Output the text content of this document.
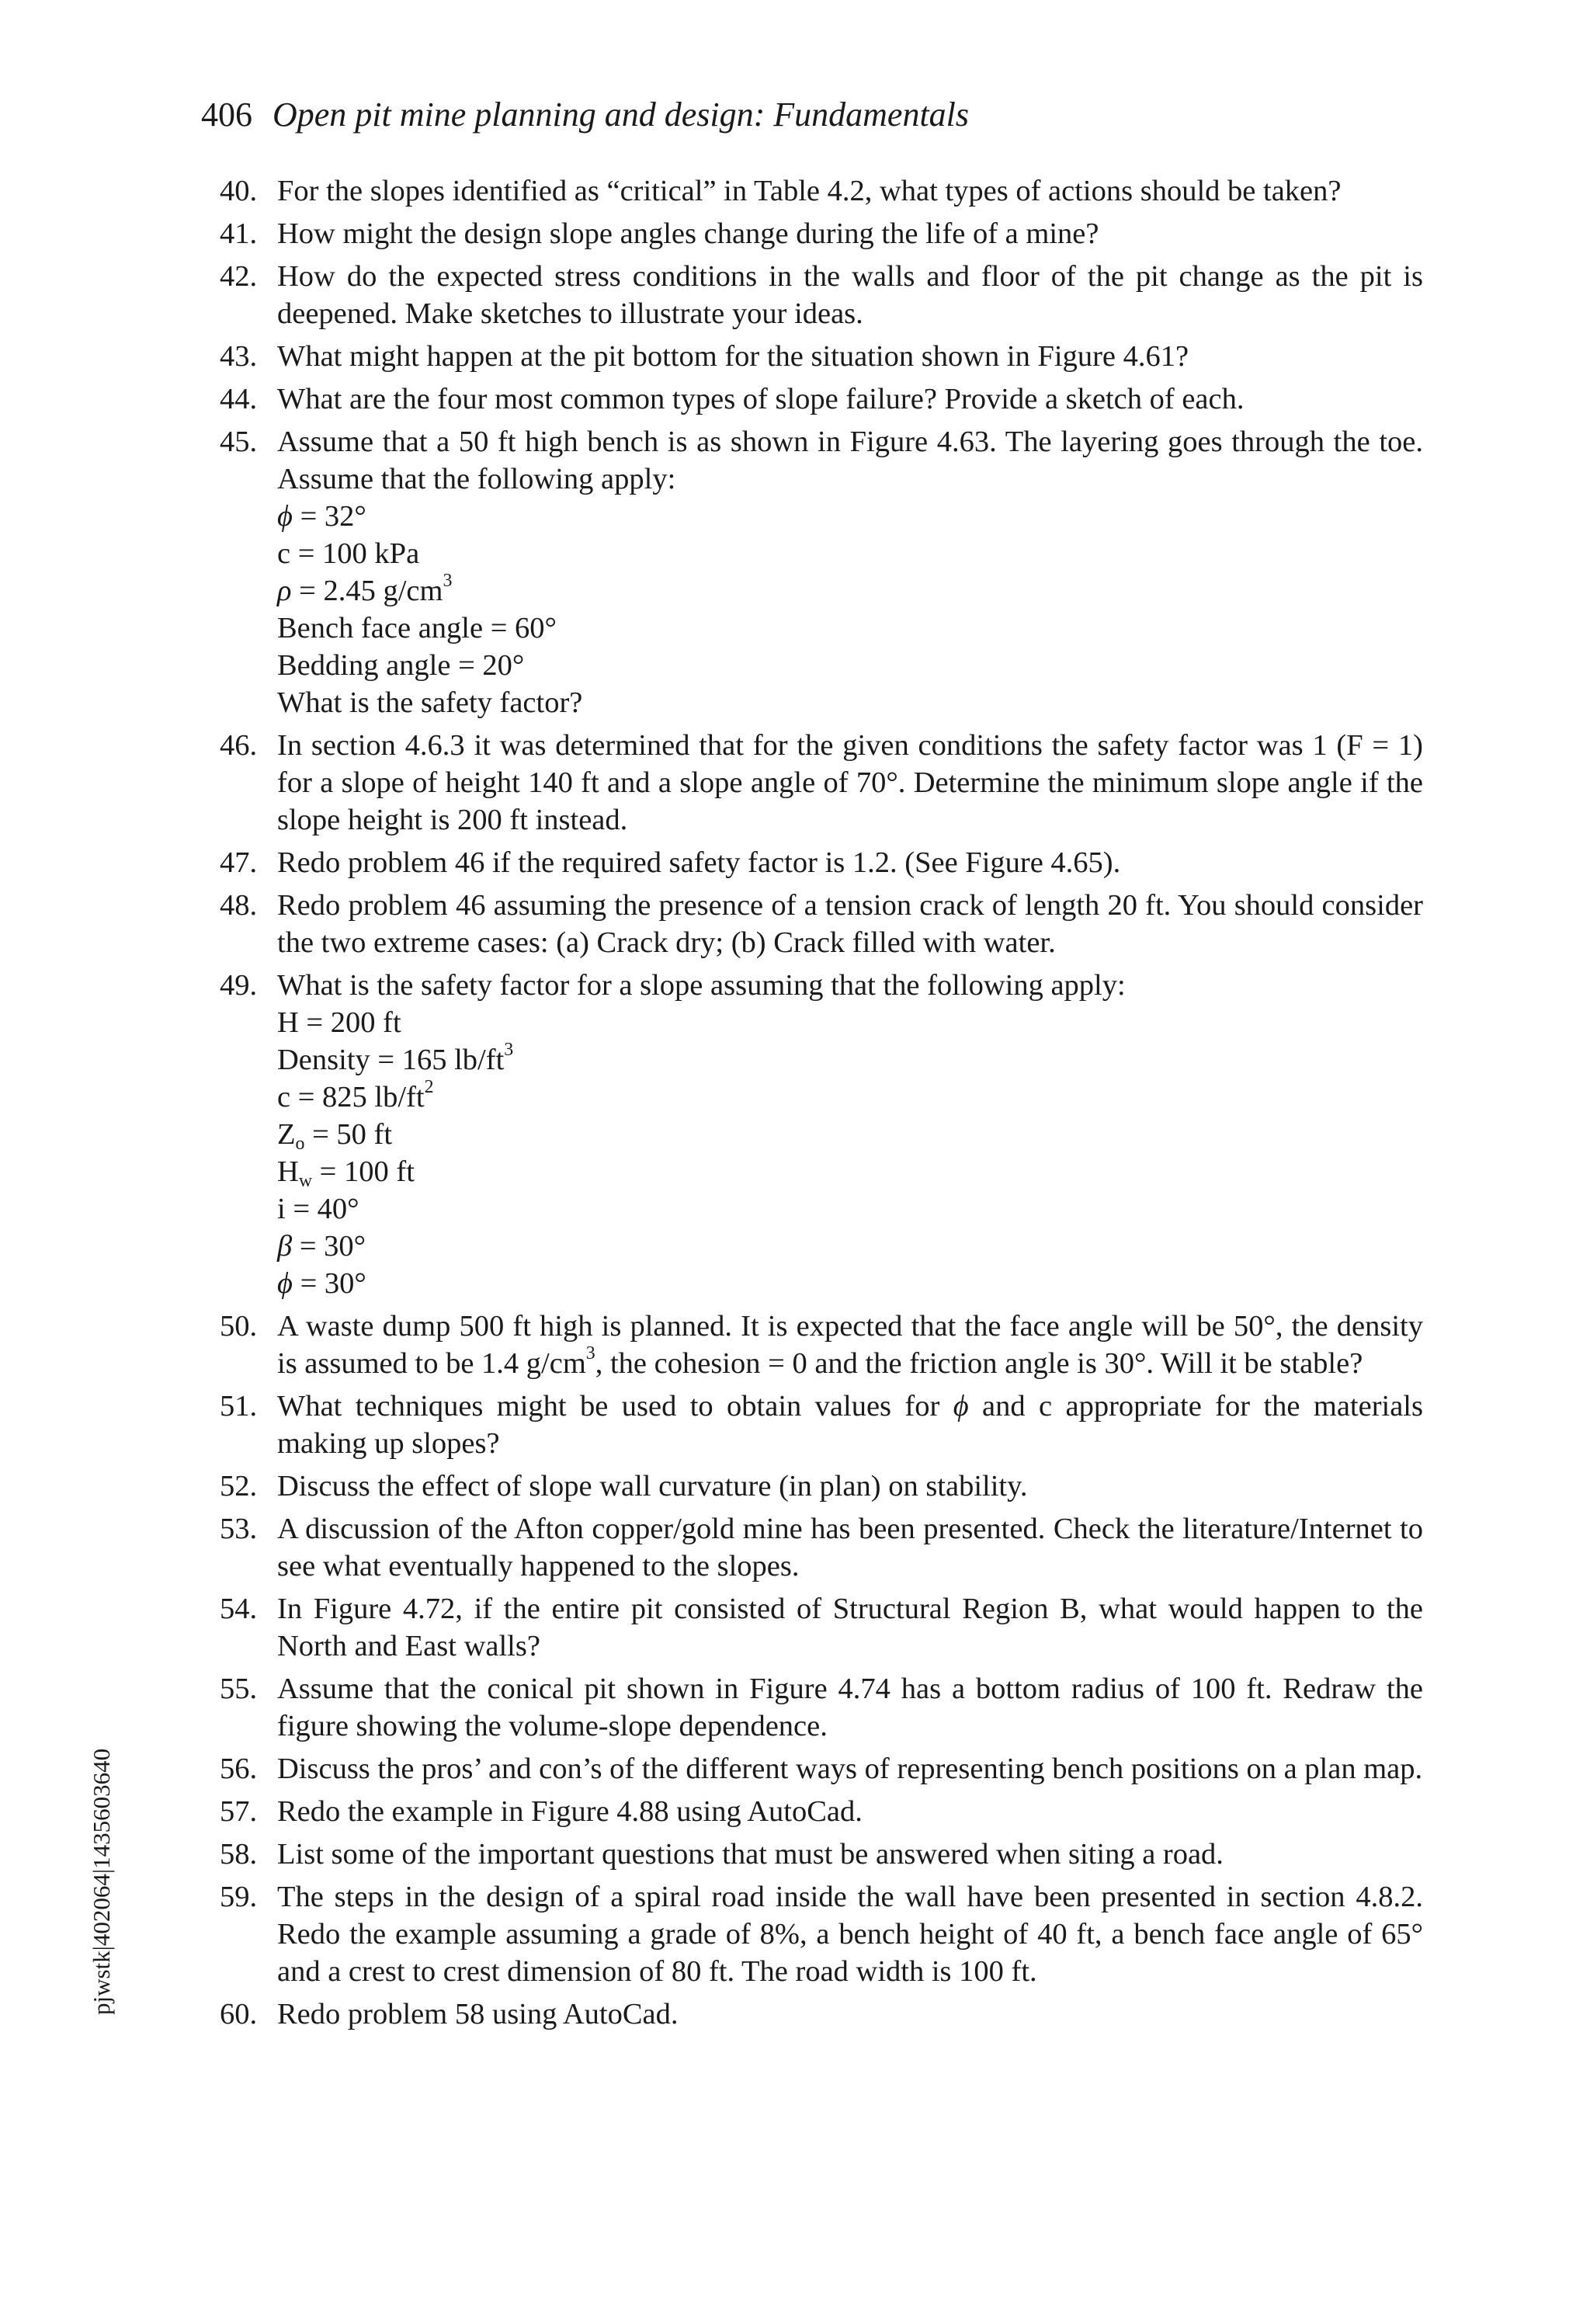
406 Open pit mine planning and design: Fundamentals
pjwstk|402064|1435603640
40. For the slopes identified as “critical” in Table 4.2, what types of actions should be taken?
41. How might the design slope angles change during the life of a mine?
42. How do the expected stress conditions in the walls and floor of the pit change as the pit is deepened. Make sketches to illustrate your ideas.
43. What might happen at the pit bottom for the situation shown in Figure 4.61?
44. What are the four most common types of slope failure? Provide a sketch of each.
45. Assume that a 50 ft high bench is as shown in Figure 4.63. The layering goes through the toe. Assume that the following apply:
ϕ = 32°
c = 100 kPa
ρ = 2.45 $g/cm^3$
Bench face angle = 60°
Bedding angle = 20°
What is the safety factor?
46. In section 4.6.3 it was determined that for the given conditions the safety factor was 1 (F = 1) for a slope of height 140 ft and a slope angle of 70°. Determine the minimum slope angle if the slope height is 200 ft instead.
47. Redo problem 46 if the required safety factor is 1.2. (See Figure 4.65).
48. Redo problem 46 assuming the presence of a tension crack of length 20 ft. You should consider the two extreme cases: (a) Crack dry; (b) Crack filled with water.
49. What is the safety factor for a slope assuming that the following apply:
H = 200 ft
Density = 165 $lb/ft^3$
c = 825 $lb/ft^2$
$Z_o = 50$ ft
$H_w = 100$ ft
i = 40°
β = 30°
ϕ = 30°
50. A waste dump 500 ft high is planned. It is expected that the face angle will be 50°, the density is assumed to be 1.4 $g/cm^3$, the cohesion = 0 and the friction angle is 30°. Will it be stable?
51. What techniques might be used to obtain values for ϕ and c appropriate for the materials making up slopes?
52. Discuss the effect of slope wall curvature (in plan) on stability.
53. A discussion of the Afton copper/gold mine has been presented. Check the literature/Internet to see what eventually happened to the slopes.
54. In Figure 4.72, if the entire pit consisted of Structural Region B, what would happen to the North and East walls?
55. Assume that the conical pit shown in Figure 4.74 has a bottom radius of 100 ft. Redraw the figure showing the volume-slope dependence.
56. Discuss the pros’ and con’s of the different ways of representing bench positions on a plan map.
57. Redo the example in Figure 4.88 using AutoCad.
58. List some of the important questions that must be answered when siting a road.
59. The steps in the design of a spiral road inside the wall have been presented in section 4.8.2. Redo the example assuming a grade of 8%, a bench height of 40 ft, a bench face angle of 65° and a crest to crest dimension of 80 ft. The road width is 100 ft.
60. Redo problem 58 using AutoCad.
